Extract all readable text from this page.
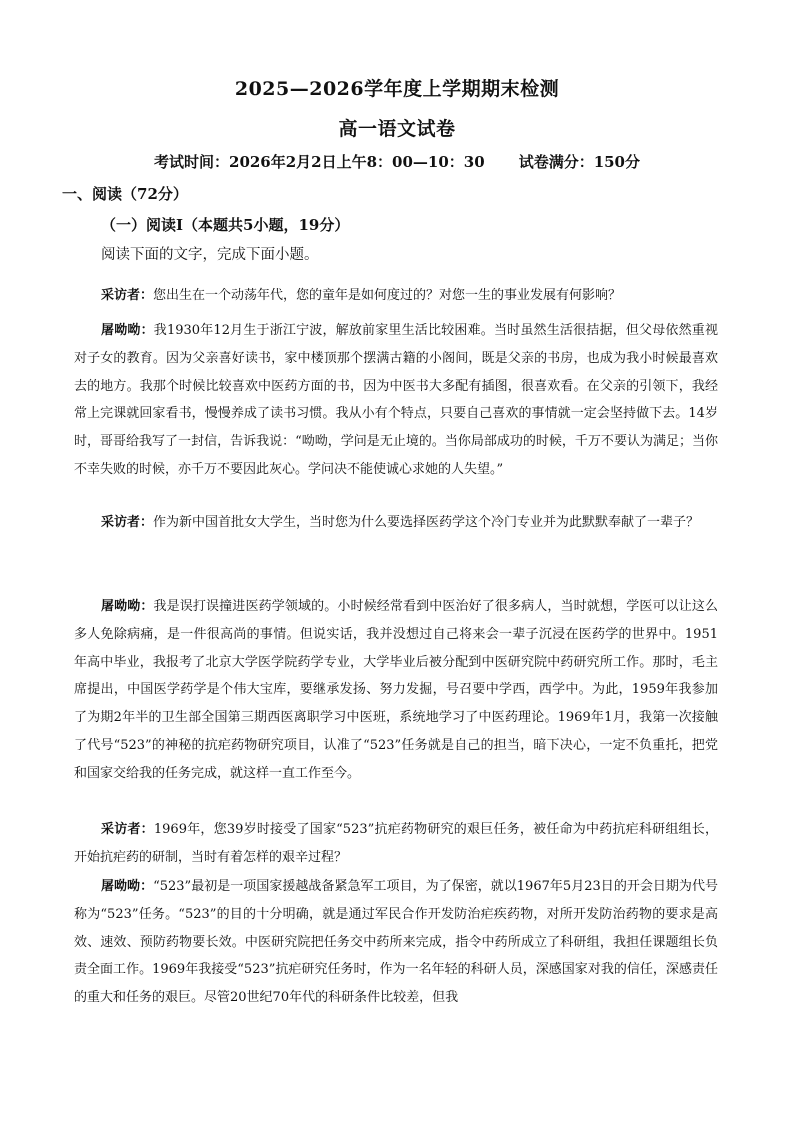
2025—2026学年度上学期期末检测
高一语文试卷
考试时间：2026年2月2日上午8：00—10：30 试卷满分：150分
一、阅读（72分）
（一）阅读Ⅰ（本题共5小题，19分）
阅读下面的文字，完成下面小题。

采访者：您出生在一个动荡年代，您的童年是如何度过的？对您一生的事业发展有何影响？

屠呦呦：我1930年12月生于浙江宁波，解放前家里生活比较困难。当时虽然生活很拮据，但父母依然重视对子女的教育。因为父亲喜好读书，家中楼顶那个摆满古籍的小阁间，既是父亲的书房，也成为我小时候最喜欢去的地方。我那个时候比较喜欢中医药方面的书，因为中医书大多配有插图，很喜欢看。在父亲的引领下，我经常上完课就回家看书，慢慢养成了读书习惯。我从小有个特点，只要自己喜欢的事情就一定会坚持做下去。14岁时，哥哥给我写了一封信，告诉我说：“呦呦，学问是无止境的。当你局部成功的时候，千万不要认为满足；当你不幸失败的时候，亦千万不要因此灰心。学问决不能使诚心求她的人失望。”

采访者：作为新中国首批女大学生，当时您为什么要选择医药学这个冷门专业并为此默默奉献了一辈子？

屠呦呦：我是误打误撞进医药学领域的。小时候经常看到中医治好了很多病人，当时就想，学医可以让这么多人免除病痛，是一件很高尚的事情。但说实话，我并没想过自己将来会一辈子沉浸在医药学的世界中。1951年高中毕业，我报考了北京大学医学院药学专业，大学毕业后被分配到中医研究院中药研究所工作。那时，毛主席提出，中国医学药学是个伟大宝库，要继承发扬、努力发掘，号召要中学西，西学中。为此，1959年我参加了为期2年半的卫生部全国第三期西医离职学习中医班，系统地学习了中医药理论。1969年1月，我第一次接触了代号“523”的神秘的抗疟药物研究项目，认准了“523”任务就是自己的担当，暗下决心，一定不负重托，把党和国家交给我的任务完成，就这样一直工作至今。

采访者：1969年，您39岁时接受了国家“523”抗疟药物研究的艰巨任务，被任命为中药抗疟科研组组长，开始抗疟药的研制，当时有着怎样的艰辛过程？

屠呦呦：“523”最初是一项国家援越战备紧急军工项目，为了保密，就以1967年5月23日的开会日期为代号称为“523”任务。“523”的目的十分明确，就是通过军民合作开发防治疟疾药物，对所开发防治药物的要求是高效、速效、预防药物要长效。中医研究院把任务交中药所来完成，指令中药所成立了科研组，我担任课题组长负责全面工作。1969年我接受“523”抗疟研究任务时，作为一名年轻的科研人员，深感国家对我的信任，深感责任的重大和任务的艰巨。尽管20世纪70年代的科研条件比较差，但我
